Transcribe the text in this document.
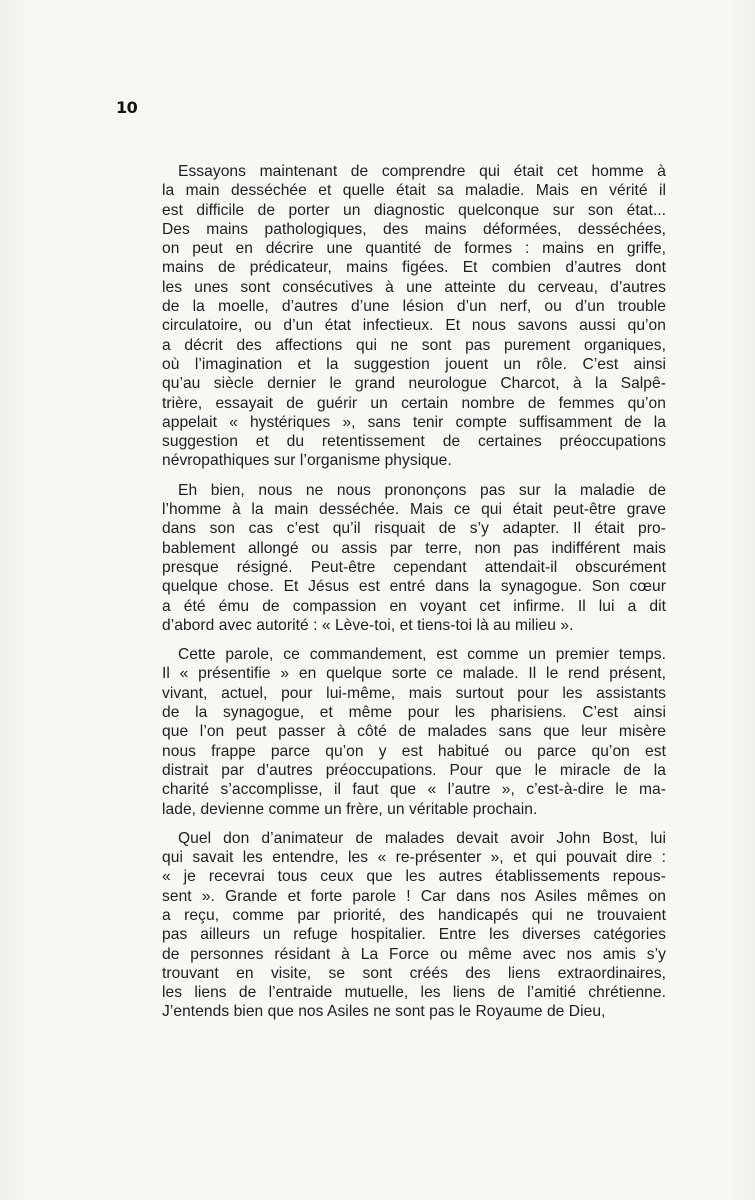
10
Essayons maintenant de comprendre qui était cet homme à
la main desséchée et quelle était sa maladie. Mais en vérité il
est difficile de porter un diagnostic quelconque sur son état...
Des mains pathologiques, des mains déformées, desséchées,
on peut en décrire une quantité de formes : mains en griffe,
mains de prédicateur, mains figées. Et combien d’autres dont
les unes sont consécutives à une atteinte du cerveau, d’autres
de la moelle, d’autres d’une lésion d’un nerf, ou d’un trouble
circulatoire, ou d’un état infectieux. Et nous savons aussi qu’on
a décrit des affections qui ne sont pas purement organiques,
où l’imagination et la suggestion jouent un rôle. C’est ainsi
qu’au siècle dernier le grand neurologue Charcot, à la Salpê-
trière, essayait de guérir un certain nombre de femmes qu’on
appelait « hystériques », sans tenir compte suffisamment de la
suggestion et du retentissement de certaines préoccupations
névropathiques sur l’organisme physique.
Eh bien, nous ne nous prononçons pas sur la maladie de
l’homme à la main desséchée. Mais ce qui était peut-être grave
dans son cas c’est qu’il risquait de s’y adapter. Il était pro-
bablement allongé ou assis par terre, non pas indifférent mais
presque résigné. Peut-être cependant attendait-il obscurément
quelque chose. Et Jésus est entré dans la synagogue. Son cœur
a été ému de compassion en voyant cet infirme. Il lui a dit
d’abord avec autorité : « Lève-toi, et tiens-toi là au milieu ».
Cette parole, ce commandement, est comme un premier temps.
Il « présentifie » en quelque sorte ce malade. Il le rend présent,
vivant, actuel, pour lui-même, mais surtout pour les assistants
de la synagogue, et même pour les pharisiens. C’est ainsi
que l’on peut passer à côté de malades sans que leur misère
nous frappe parce qu’on y est habitué ou parce qu’on est
distrait par d’autres préoccupations. Pour que le miracle de la
charité s’accomplisse, il faut que « l’autre », c’est-à-dire le ma-
lade, devienne comme un frère, un véritable prochain.
Quel don d’animateur de malades devait avoir John Bost, lui
qui savait les entendre, les « re-présenter », et qui pouvait dire :
« je recevrai tous ceux que les autres établissements repous-
sent ». Grande et forte parole ! Car dans nos Asiles mêmes on
a reçu, comme par priorité, des handicapés qui ne trouvaient
pas ailleurs un refuge hospitalier. Entre les diverses catégories
de personnes résidant à La Force ou même avec nos amis s’y
trouvant en visite, se sont créés des liens extraordinaires,
les liens de l’entraide mutuelle, les liens de l’amitié chrétienne.
J’entends bien que nos Asiles ne sont pas le Royaume de Dieu,
